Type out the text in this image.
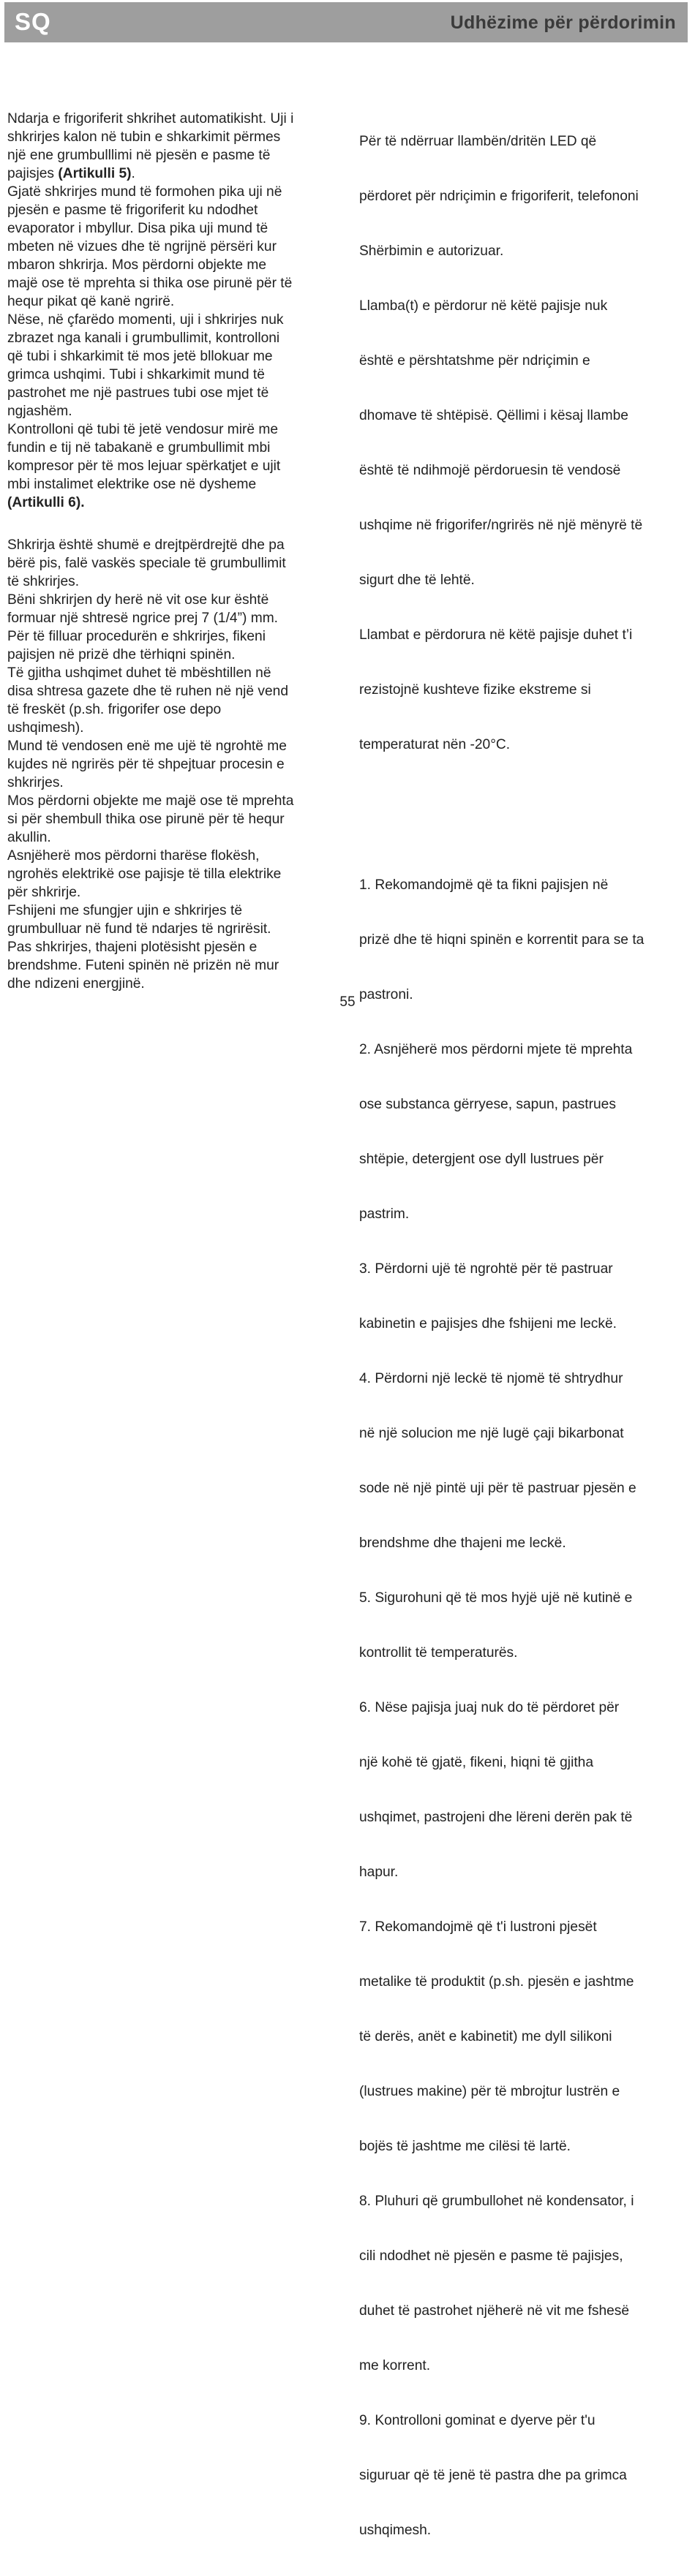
SQ	Udhëzime për përdorimin
Ndarja e frigoriferit shkrihet automatikisht. Uji i
shkrirjes kalon në tubin e shkarkimit përmes
një ene grumbulllimi në pjesën e pasme të
pajisjes (Artikulli 5).
Gjatë shkrirjes mund të formohen pika uji në
pjesën e pasme të frigoriferit ku ndodhet
evaporator i mbyllur. Disa pika uji mund të
mbeten në vizues dhe të ngrijnë përsëri kur
mbaron shkrirja. Mos përdorni objekte me
majë ose të mprehta si thika ose pirunë për të
hequr pikat që kanë ngrirë.
Nëse, në çfarëdo momenti, uji i shkrirjes nuk
zbrazet nga kanali i grumbullimit, kontrolloni
që tubi i shkarkimit të mos jetë bllokuar me
grimca ushqimi. Tubi i shkarkimit mund të
pastrohet me një pastrues tubi ose mjet të
ngjashëm.
Kontrolloni që tubi të jetë vendosur mirë me
fundin e tij në tabakanë e grumbullimit mbi
kompresor për të mos lejuar spërkatjet e ujit
mbi instalimet elektrike ose në dysheme
(Artikulli 6).
Shkrirja është shumë e drejtpërdrejtë dhe pa
bërë pis, falë vaskës speciale të grumbullimit
të shkrirjes.
Bëni shkrirjen dy herë në vit ose kur është
formuar një shtresë ngrice prej 7 (1/4”) mm.
Për të filluar procedurën e shkrirjes, fikeni
pajisjen në prizë dhe tërhiqni spinën.
Të gjitha ushqimet duhet të mbështillen në
disa shtresa gazete dhe të ruhen në një vend
të freskët (p.sh. frigorifer ose depo
ushqimesh).
Mund të vendosen enë me ujë të ngrohtë me
kujdes në ngrirës për të shpejtuar procesin e
shkrirjes.
Mos përdorni objekte me majë ose të mprehta
si për shembull thika ose pirunë për të hequr
akullin.
Asnjëherë mos përdorni tharëse flokësh,
ngrohës elektrikë ose pajisje të tilla elektrike
për shkrirje.
Fshijeni me sfungjer ujin e shkrirjes të
grumbulluar në fund të ndarjes të ngrirësit.
Pas shkrirjes, thajeni plotësisht pjesën e
brendshme. Futeni spinën në prizën në mur
dhe ndizeni energjinë.

Për të ndërruar llambën/dritën LED që

përdoret për ndriçimin e frigoriferit, telefononi

Shërbimin e autorizuar.

Llamba(t) e përdorur në këtë pajisje nuk

është e përshtatshme për ndriçimin e

dhomave të shtëpisë. Qëllimi i kësaj llambe

është të ndihmojë përdoruesin të vendosë

ushqime në frigorifer/ngrirës në një mënyrë të

sigurt dhe të lehtë.

Llambat e përdorura në këtë pajisje duhet t’i

rezistojnë kushteve fizike ekstreme si

temperaturat nën -20°C.

1. Rekomandojmë që ta fikni pajisjen në

prizë dhe të hiqni spinën e korrentit para se ta

pastroni.

2. Asnjëherë mos përdorni mjete të mprehta

ose substanca gërryese, sapun, pastrues

shtëpie, detergjent ose dyll lustrues për

pastrim.

3. Përdorni ujë të ngrohtë për të pastruar

kabinetin e pajisjes dhe fshijeni me leckë.

4. Përdorni një leckë të njomë të shtrydhur

në një solucion me një lugë çaji bikarbonat

sode në një pintë uji për të pastruar pjesën e

brendshme dhe thajeni me leckë.

5. Sigurohuni që të mos hyjë ujë në kutinë e

kontrollit të temperaturës.

6. Nëse pajisja juaj nuk do të përdoret për

një kohë të gjatë, fikeni, hiqni të gjitha

ushqimet, pastrojeni dhe lëreni derën pak të

hapur.

7. Rekomandojmë që t'i lustroni pjesët

metalike të produktit (p.sh. pjesën e jashtme

të derës, anët e kabinetit) me dyll silikoni

(lustrues makine) për të mbrojtur lustrën e

bojës të jashtme me cilësi të lartë.

8. Pluhuri që grumbullohet në kondensator, i

cili ndodhet në pjesën e pasme të pajisjes,

duhet të pastrohet njëherë në vit me fshesë

me korrent.

9. Kontrolloni gominat e dyerve për t'u

siguruar që të jenë të pastra dhe pa grimca

ushqimesh.

55
